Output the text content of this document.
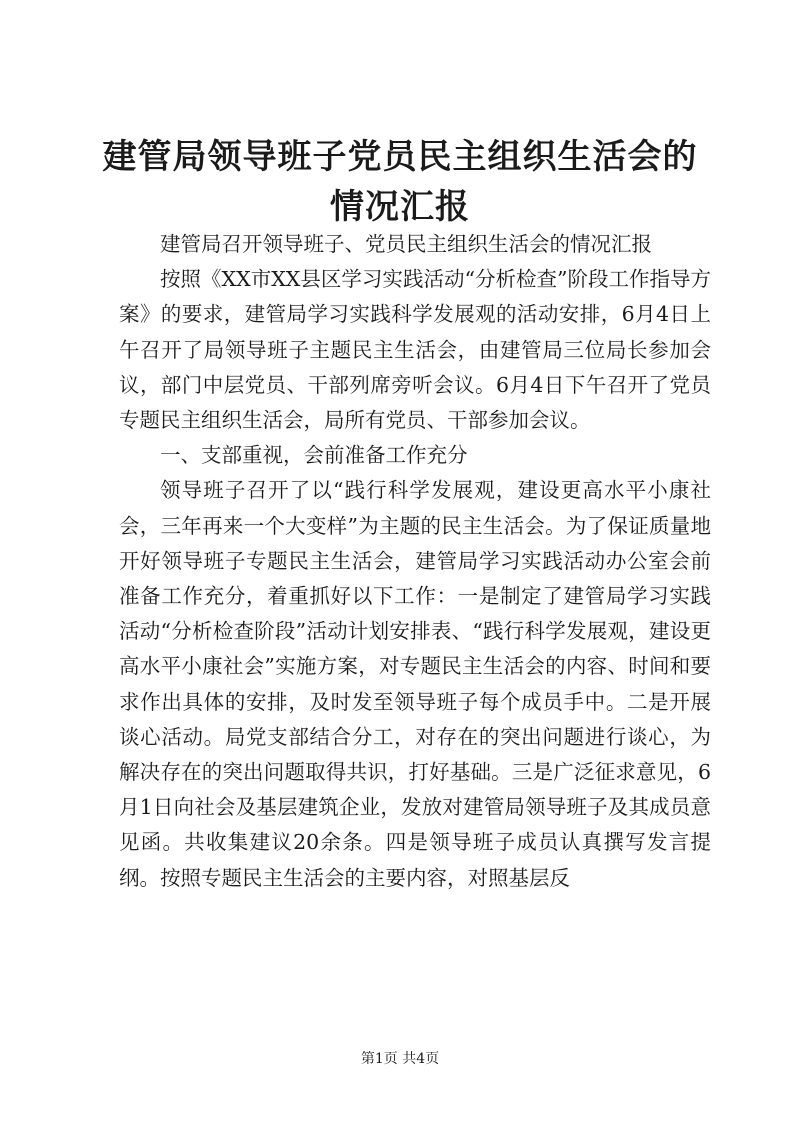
建管局领导班子党员民主组织生活会的情况汇报

建管局召开领导班子、党员民主组织生活会的情况汇报

按照《XX市XX县区学习实践活动“分析检查”阶段工作指导方案》的要求，建管局学习实践科学发展观的活动安排，6月4日上午召开了局领导班子主题民主生活会，由建管局三位局长参加会议，部门中层党员、干部列席旁听会议。6月4日下午召开了党员专题民主组织生活会，局所有党员、干部参加会议。

一、支部重视，会前准备工作充分

领导班子召开了以“践行科学发展观，建设更高水平小康社会，三年再来一个大变样”为主题的民主生活会。为了保证质量地开好领导班子专题民主生活会，建管局学习实践活动办公室会前准备工作充分，着重抓好以下工作：一是制定了建管局学习实践活动“分析检查阶段”活动计划安排表、“践行科学发展观，建设更高水平小康社会”实施方案，对专题民主生活会的内容、时间和要求作出具体的安排，及时发至领导班子每个成员手中。二是开展谈心活动。局党支部结合分工，对存在的突出问题进行谈心，为解决存在的突出问题取得共识，打好基础。三是广泛征求意见，6月1日向社会及基层建筑企业，发放对建管局领导班子及其成员意见函。共收集建议20余条。四是领导班子成员认真撰写发言提纲。按照专题民主生活会的主要内容，对照基层反

第1页 共4页
